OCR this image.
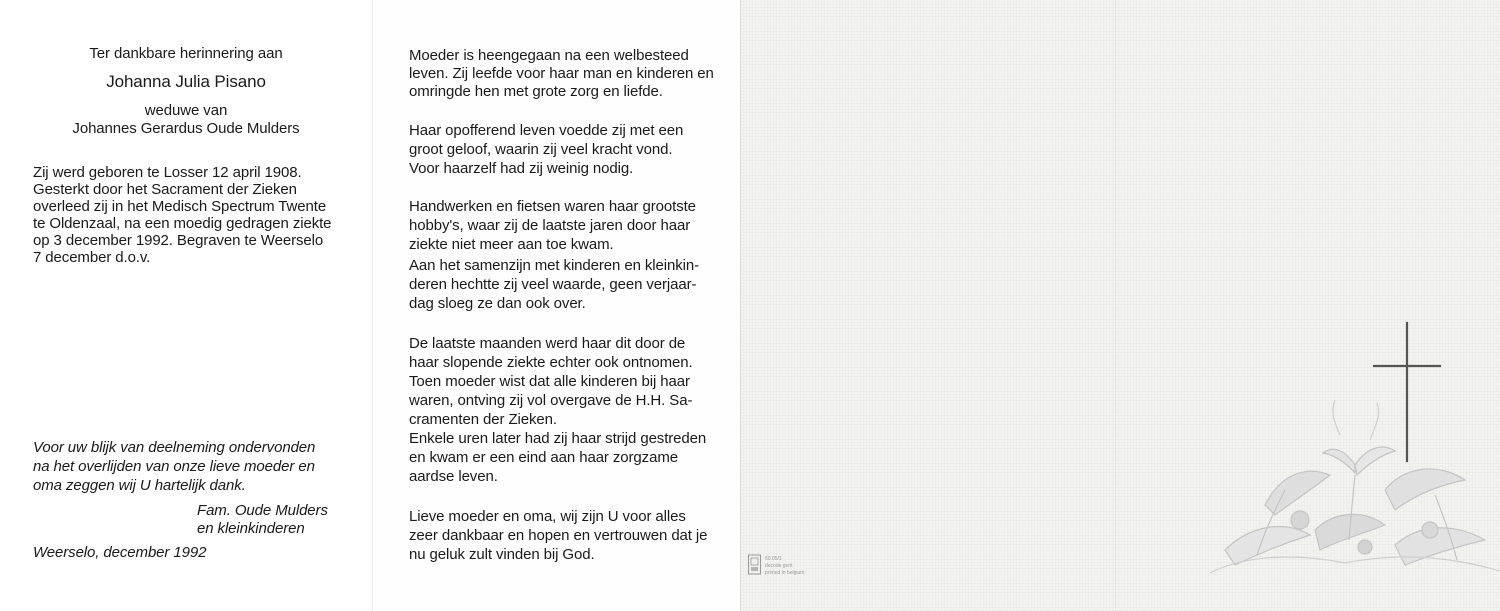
Ter dankbare herinnering aan
Johanna Julia Pisano
weduwe van
Johannes Gerardus Oude Mulders
Zij werd geboren te Losser 12 april 1908.
Gesterkt door het Sacrament der Zieken
overleed zij in het Medisch Spectrum Twente
te Oldenzaal, na een moedig gedragen ziekte
op 3 december 1992. Begraven te Weerselo
7 december d.o.v.
Voor uw blijk van deelneming ondervonden
na het overlijden van onze lieve moeder en
oma zeggen wij U hartelijk dank.
Fam. Oude Mulders
en kleinkinderen
Weerselo, december 1992
Moeder is heengegaan na een welbesteed
leven. Zij leefde voor haar man en kinderen en
omringde hen met grote zorg en liefde.
Haar opofferend leven voedde zij met een
groot geloof, waarin zij veel kracht vond.
Voor haarzelf had zij weinig nodig.
Handwerken en fietsen waren haar grootste
hobby's, waar zij de laatste jaren door haar
ziekte niet meer aan toe kwam.
Aan het samenzijn met kinderen en kleinkin-
deren hechtte zij veel waarde, geen verjaar-
dag sloeg ze dan ook over.
De laatste maanden werd haar dit door de
haar slopende ziekte echter ook ontnomen.
Toen moeder wist dat alle kinderen bij haar
waren, ontving zij vol overgave de H.H. Sa-
cramenten der Zieken.
Enkele uren later had zij haar strijd gestreden
en kwam er een eind aan haar zorgzame
aardse leven.
Lieve moeder en oma, wij zijn U voor alles
zeer dankbaar en hopen en vertrouwen dat je
nu geluk zult vinden bij God.	60.05/1
decode gent
printed in belgium
